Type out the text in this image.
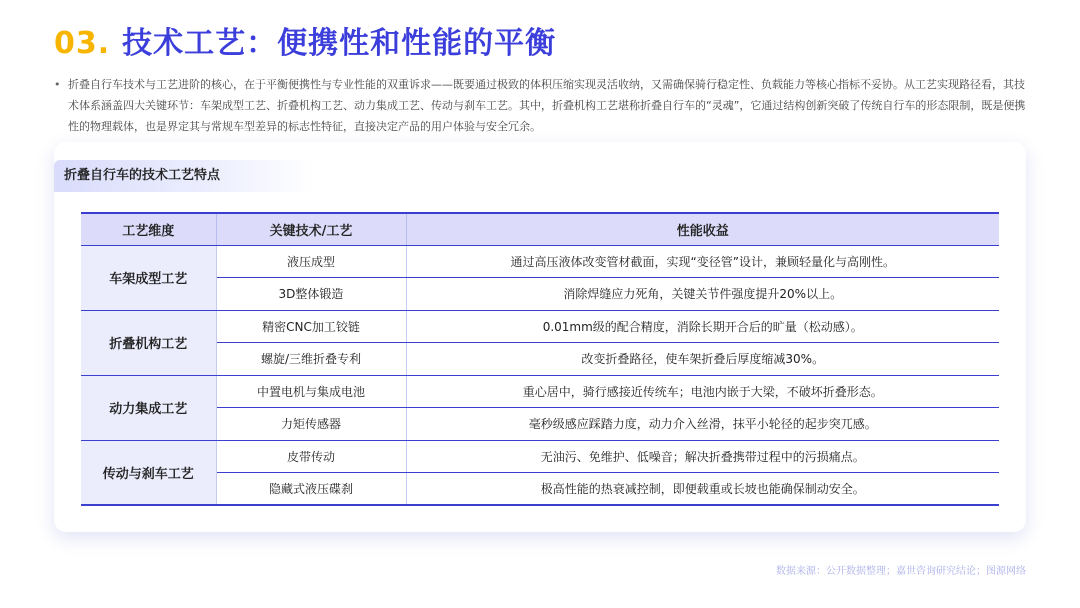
03. 技术工艺：便携性和性能的平衡
• 折叠自行车技术与工艺进阶的核心，在于平衡便携性与专业性能的双重诉求——既要通过极致的体积压缩实现灵活收纳，又需确保骑行稳定性、负载能力等核心指标不妥协。从工艺实现路径看，其技术体系涵盖四大关键环节：车架成型工艺、折叠机构工艺、动力集成工艺、传动与刹车工艺。其中，折叠机构工艺堪称折叠自行车的“灵魂”，它通过结构创新突破了传统自行车的形态限制，既是便携性的物理载体，也是界定其与常规车型差异的标志性特征，直接决定产品的用户体验与安全冗余。
折叠自行车的技术工艺特点
工艺维度	关键技术/工艺	性能收益
车架成型工艺	液压成型	通过高压液体改变管材截面，实现“变径管”设计，兼顾轻量化与高刚性。
	3D整体锻造	消除焊缝应力死角，关键关节件强度提升20%以上。
折叠机构工艺	精密CNC加工铰链	0.01mm级的配合精度，消除长期开合后的旷量（松动感）。
	螺旋/三维折叠专利	改变折叠路径，使车架折叠后厚度缩减30%。
动力集成工艺	中置电机与集成电池	重心居中，骑行感接近传统车；电池内嵌于大梁，不破坏折叠形态。
	力矩传感器	毫秒级感应踩踏力度，动力介入丝滑，抹平小轮径的起步突兀感。
传动与刹车工艺	皮带传动	无油污、免维护、低噪音；解决折叠携带过程中的污损痛点。
	隐藏式液压碟刹	极高性能的热衰减控制，即便载重或长坡也能确保制动安全。
数据来源：公开数据整理；嘉世咨询研究结论；图源网络
